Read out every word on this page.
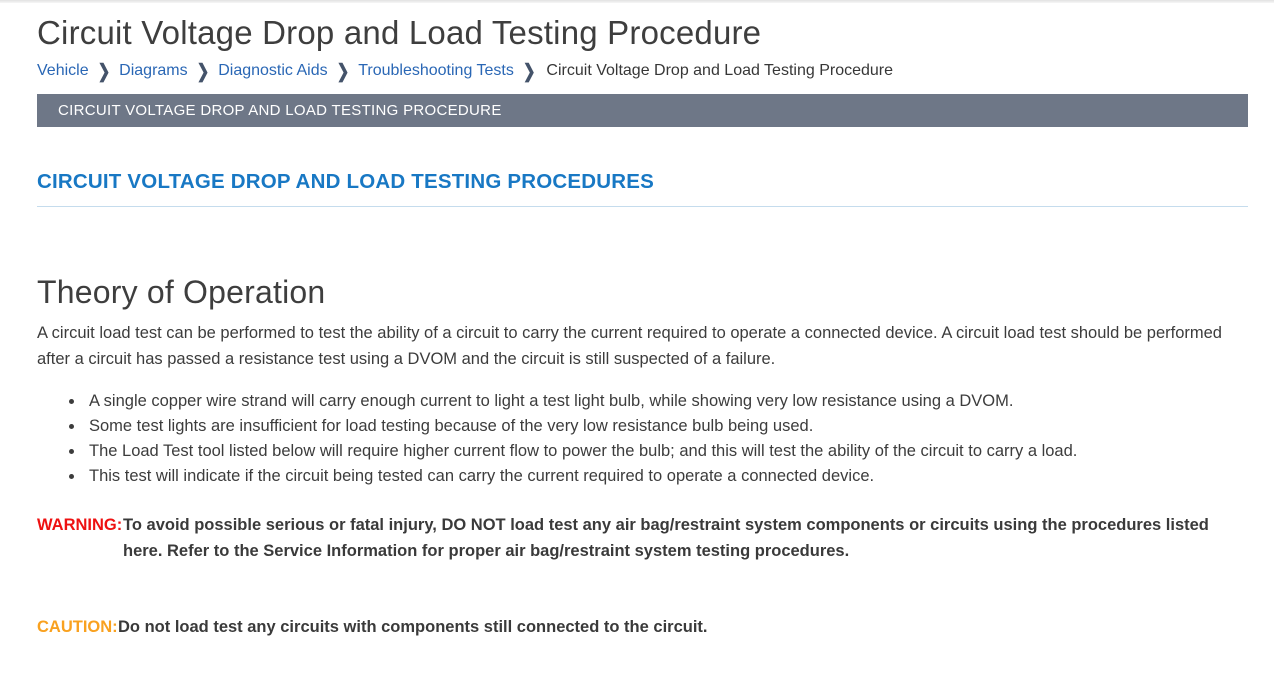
Circuit Voltage Drop and Load Testing Procedure
Vehicle ❯ Diagrams ❯ Diagnostic Aids ❯ Troubleshooting Tests ❯ Circuit Voltage Drop and Load Testing Procedure
CIRCUIT VOLTAGE DROP AND LOAD TESTING PROCEDURE
CIRCUIT VOLTAGE DROP AND LOAD TESTING PROCEDURES
Theory of Operation

A circuit load test can be performed to test the ability of a circuit to carry the current required to operate a connected device. A circuit load test should be performed after a circuit has passed a resistance test using a DVOM and the circuit is still suspected of a failure.

A single copper wire strand will carry enough current to light a test light bulb, while showing very low resistance using a DVOM.
Some test lights are insufficient for load testing because of the very low resistance bulb being used.
The Load Test tool listed below will require higher current flow to power the bulb; and this will test the ability of the circuit to carry a load.
This test will indicate if the circuit being tested can carry the current required to operate a connected device.
WARNING: To avoid possible serious or fatal injury, DO NOT load test any air bag/restraint system components or circuits using the procedures listed here. Refer to the Service Information for proper air bag/restraint system testing procedures.
CAUTION: Do not load test any circuits with components still connected to the circuit.
